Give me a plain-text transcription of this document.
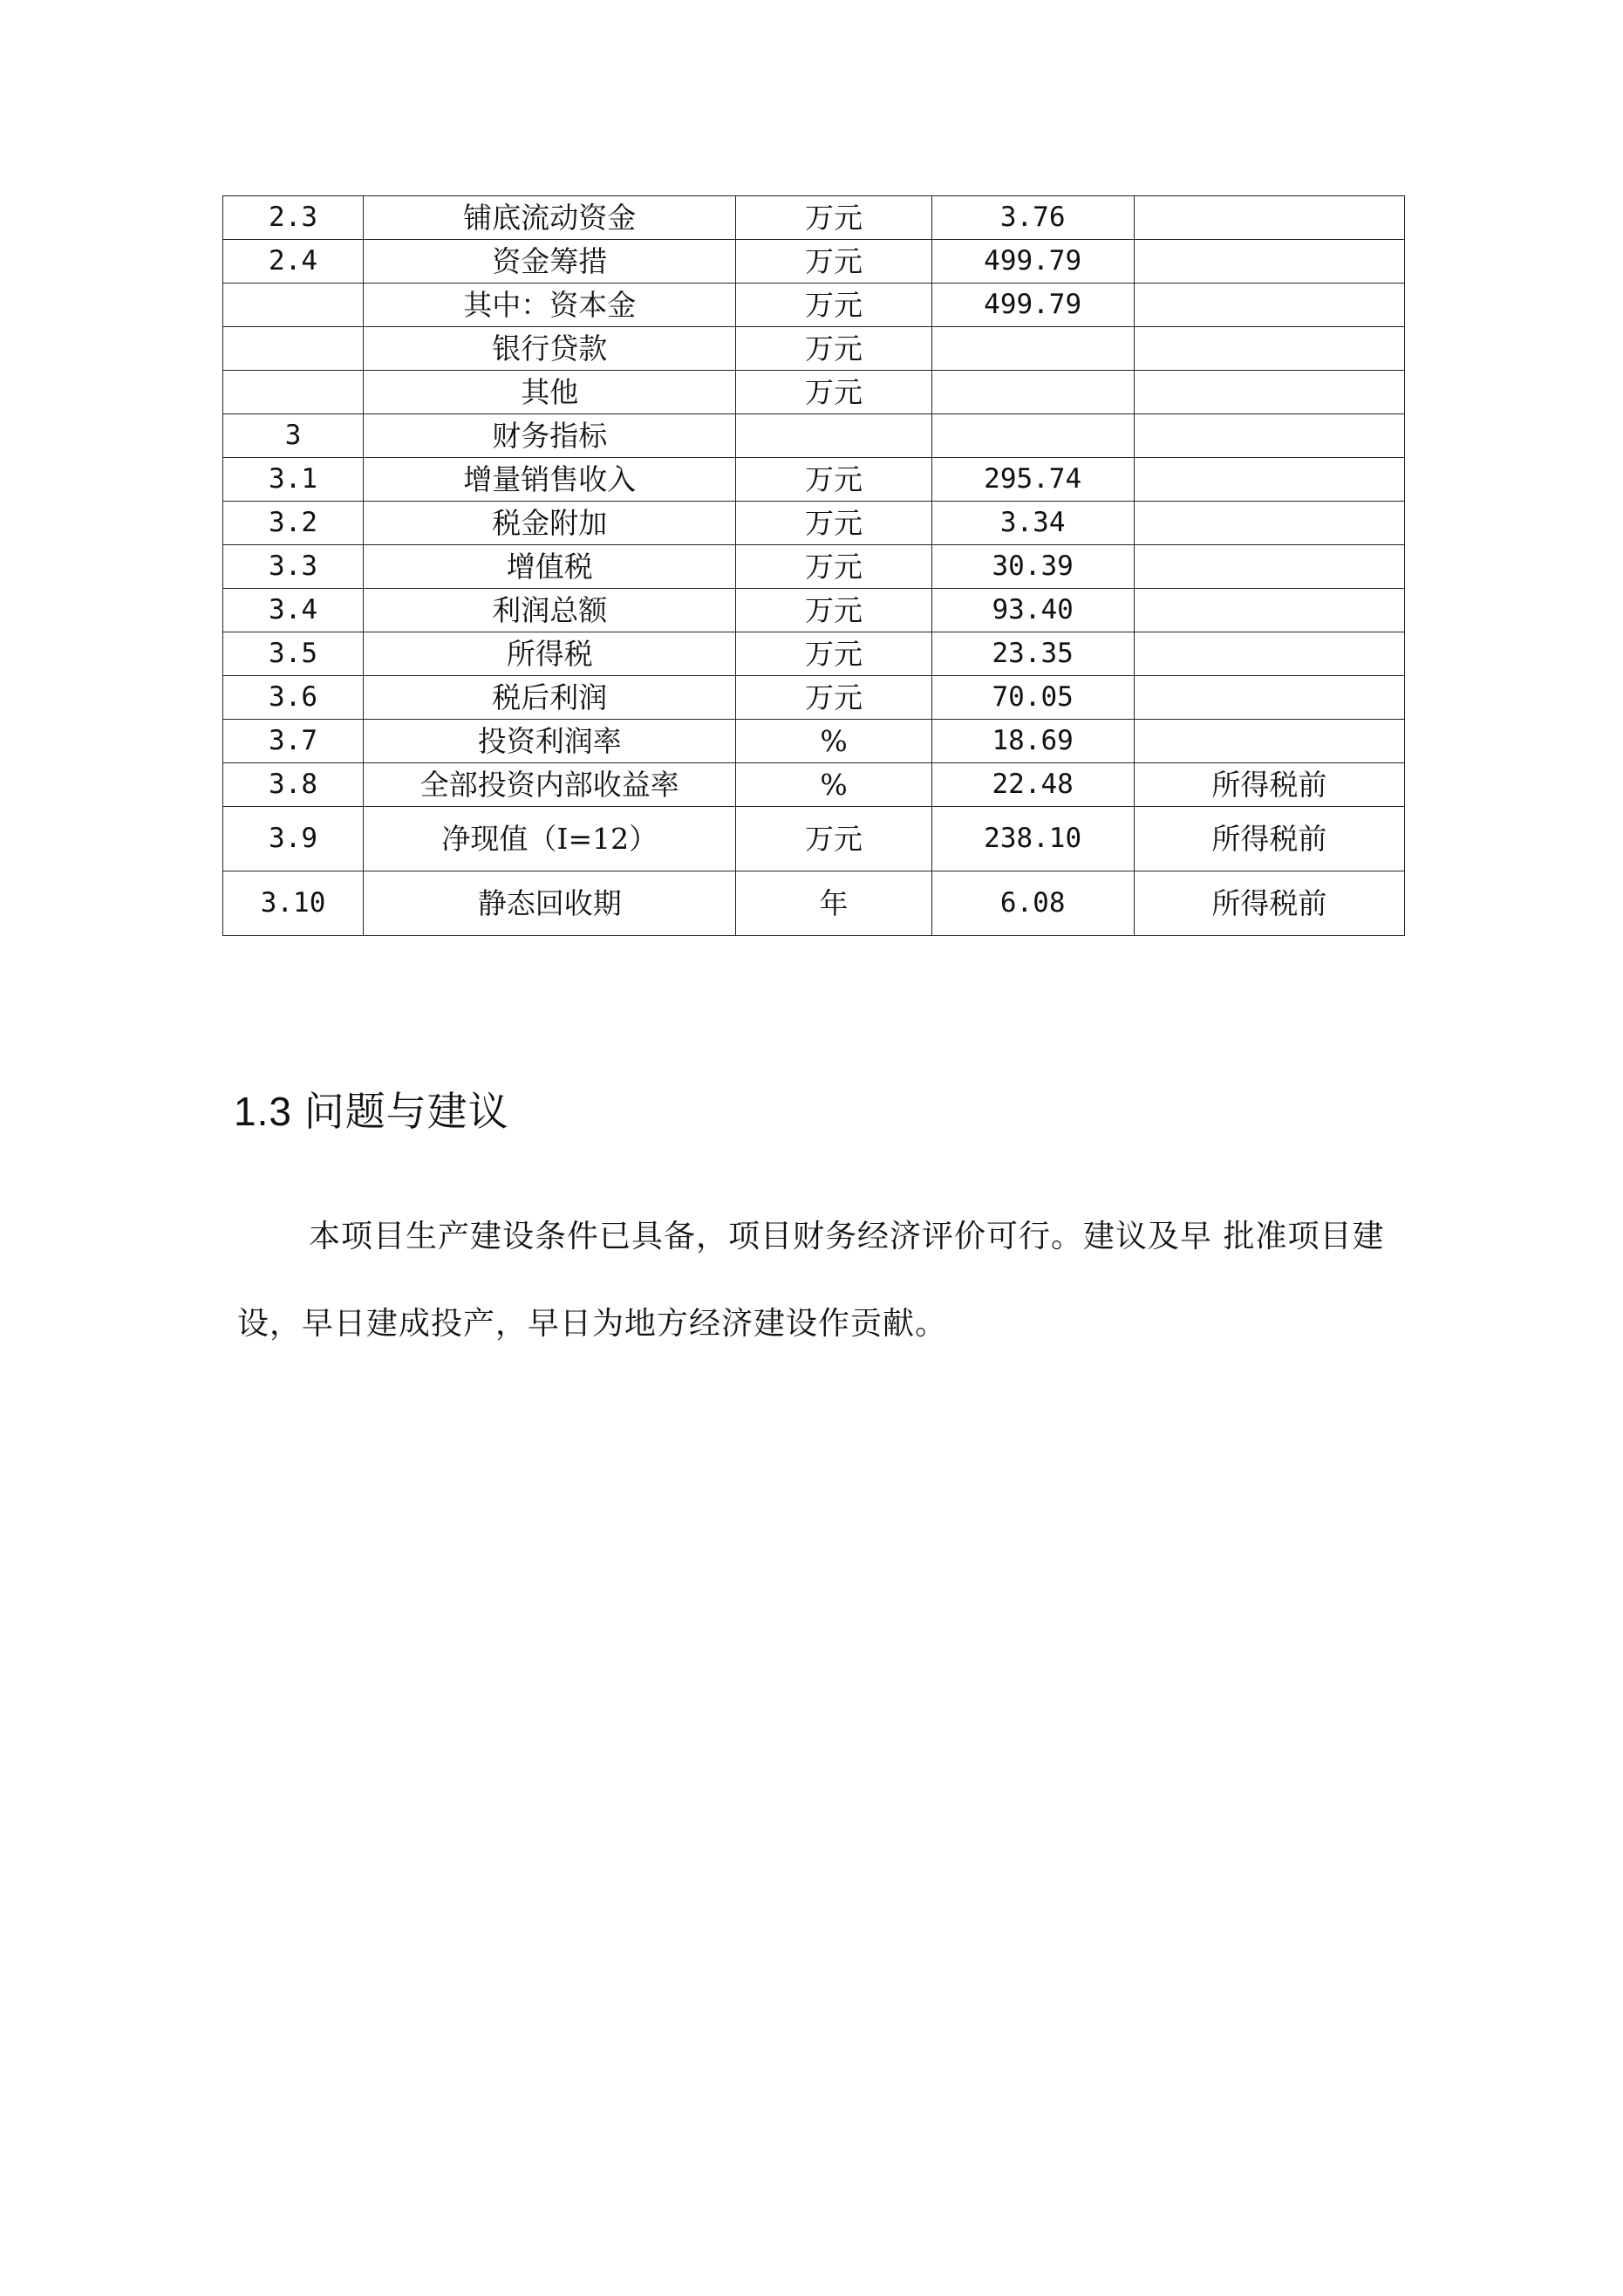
2.3	铺底流动资金	万元	3.76	
2.4	资金筹措	万元	499.79	
	其中：资本金	万元	499.79	
	银行贷款	万元		
	其他	万元		
3	财务指标			
3.1	增量销售收入	万元	295.74	
3.2	税金附加	万元	3.34	
3.3	增值税	万元	30.39	
3.4	利润总额	万元	93.40	
3.5	所得税	万元	23.35	
3.6	税后利润	万元	70.05	
3.7	投资利润率	%	18.69	
3.8	全部投资内部收益率	%	22.48	所得税前
3.9	净现值（I=12）	万元	238.10	所得税前
3.10	静态回收期	年	6.08	所得税前
1.3 问题与建议

本项目生产建设条件已具备，项目财务经济评价可行。建议及早 批准项目建设，早日建成投产，早日为地方经济建设作贡献。
